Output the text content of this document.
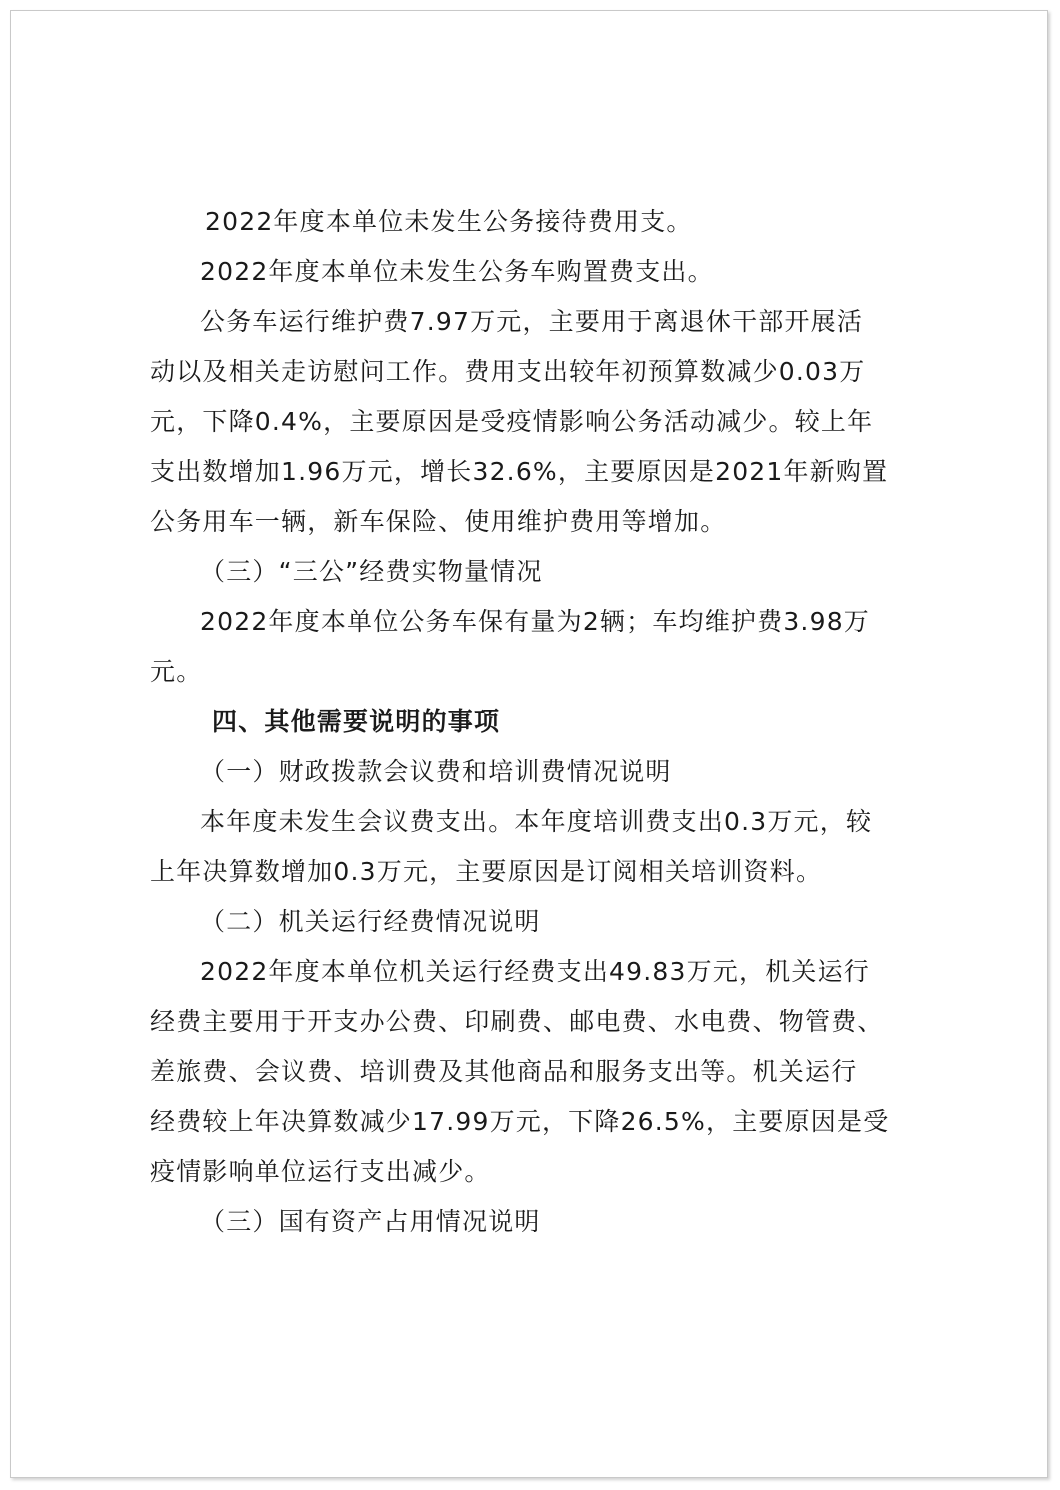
2022年度本单位未发生公务接待费用支。
2022年度本单位未发生公务车购置费支出。
公务车运行维护费7.97万元，主要用于离退休干部开展活
动以及相关走访慰问工作。费用支出较年初预算数减少0.03万
元，下降0.4%，主要原因是受疫情影响公务活动减少。较上年
支出数增加1.96万元，增长32.6%，主要原因是2021年新购置
公务用车一辆，新车保险、使用维护费用等增加。
（三）“三公”经费实物量情况
2022年度本单位公务车保有量为2辆；车均维护费3.98万
元。
四、其他需要说明的事项
（一）财政拨款会议费和培训费情况说明
本年度未发生会议费支出。本年度培训费支出0.3万元，较
上年决算数增加0.3万元，主要原因是订阅相关培训资料。
（二）机关运行经费情况说明
2022年度本单位机关运行经费支出49.83万元，机关运行
经费主要用于开支办公费、印刷费、邮电费、水电费、物管费、
差旅费、会议费、培训费及其他商品和服务支出等。机关运行
经费较上年决算数减少17.99万元，下降26.5%，主要原因是受
疫情影响单位运行支出减少。
（三）国有资产占用情况说明
